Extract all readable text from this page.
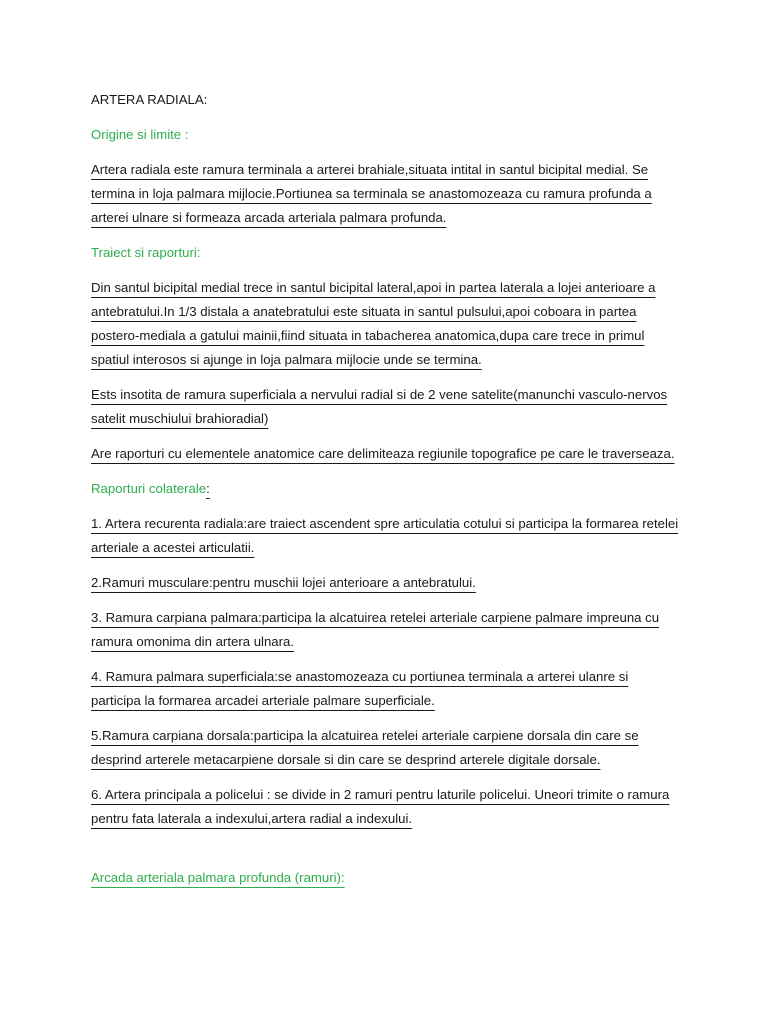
ARTERA RADIALA:

Origine si limite :

Artera radiala este ramura terminala a arterei brahiale,situata intital in santul bicipital medial. Se termina in loja palmara mijlocie.Portiunea sa terminala se anastomozeaza cu ramura profunda a arterei ulnare si formeaza arcada arteriala palmara profunda.

Traiect si raporturi:

Din santul bicipital medial trece in santul bicipital lateral,apoi in partea laterala a lojei anterioare a antebratului.In 1/3 distala a anatebratului este situata in santul pulsului,apoi coboara in partea postero-mediala a gatului mainii,fiind situata in tabacherea anatomica,dupa care trece in primul spatiul interosos si ajunge in loja palmara mijlocie unde se termina.

Ests insotita de ramura superficiala a nervului radial si de 2 vene satelite(manunchi vasculo-nervos satelit muschiului brahioradial)

Are raporturi cu elementele anatomice care delimiteaza regiunile topografice pe care le traverseaza.

Raporturi colaterale:

1. Artera recurenta radiala:are traiect ascendent spre articulatia cotului si participa la formarea retelei arteriale a acestei articulatii.

2.Ramuri musculare:pentru muschii lojei anterioare a antebratului.

3. Ramura carpiana palmara:participa la alcatuirea retelei arteriale carpiene palmare impreuna cu ramura omonima din artera ulnara.

4. Ramura palmara superficiala:se anastomozeaza cu portiunea terminala a arterei ulanre si participa la formarea arcadei arteriale palmare superficiale.

5.Ramura carpiana dorsala:participa la alcatuirea retelei arteriale carpiene dorsala din care se desprind arterele metacarpiene dorsale si din care se desprind arterele digitale dorsale.

6. Artera principala a policelui : se divide in 2 ramuri pentru laturile policelui. Uneori trimite o ramura pentru fata laterala a indexului,artera radial a indexului.

Arcada arteriala palmara profunda (ramuri):
